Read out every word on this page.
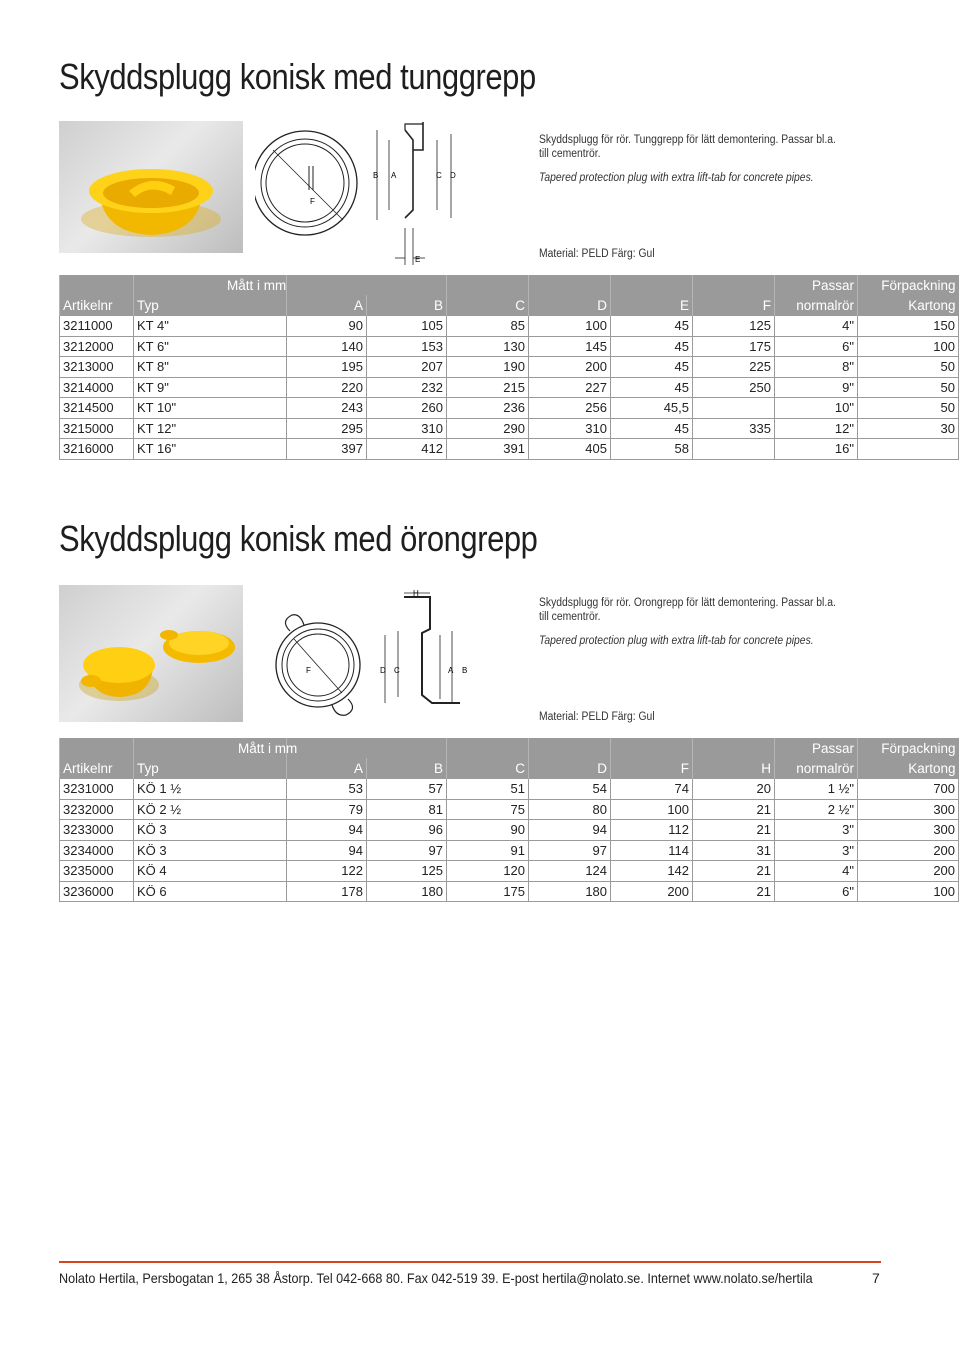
Skyddsplugg konisk med tunggrepp
F
B A	C D
E

Skyddsplugg för rör. Tunggrepp för lätt demontering. Passar bl.a. till cementrör.

Tapered protection plug with extra lift-tab for concrete pipes.

Material: PELD Färg: Gul
		Mått i mm						Passar	Förpackning
Artikelnr	Typ	A	B	C	D	E	F	normalrör	Kartong
3211000	KT 4"	90	105	85	100	45	125	4"	150
3212000	KT 6"	140	153	130	145	45	175	6"	100
3213000	KT 8"	195	207	190	200	45	225	8"	50
3214000	KT 9"	220	232	215	227	45	250	9"	50
3214500	KT 10"	243	260	236	256	45,5		10"	50
3215000	KT 12"	295	310	290	310	45	335	12"	30
3216000	KT 16"	397	412	391	405	58		16"	
Skyddsplugg konisk med örongrepp
F
H
D C	A B

Skyddsplugg för rör. Örongrepp för lätt demontering. Passar bl.a. till cementrör.

Tapered protection plug with extra lift-tab for concrete pipes.

Material: PELD Färg: Gul
		Mått i mm						Passar	Förpackning
Artikelnr	Typ	A	B	C	D	F	H	normalrör	Kartong
3231000	KÖ 1 ½	53	57	51	54	74	20	1 ½"	700
3232000	KÖ 2 ½	79	81	75	80	100	21	2 ½"	300
3233000	KÖ 3	94	96	90	94	112	21	3"	300
3234000	KÖ 3	94	97	91	97	114	31	3"	200
3235000	KÖ 4	122	125	120	124	142	21	4"	200
3236000	KÖ 6	178	180	175	180	200	21	6"	100
Nolato Hertila, Persbogatan 1, 265 38 Åstorp. Tel 042-668 80. Fax 042-519 39. E-post hertila@nolato.se. Internet www.nolato.se/hertila	7
